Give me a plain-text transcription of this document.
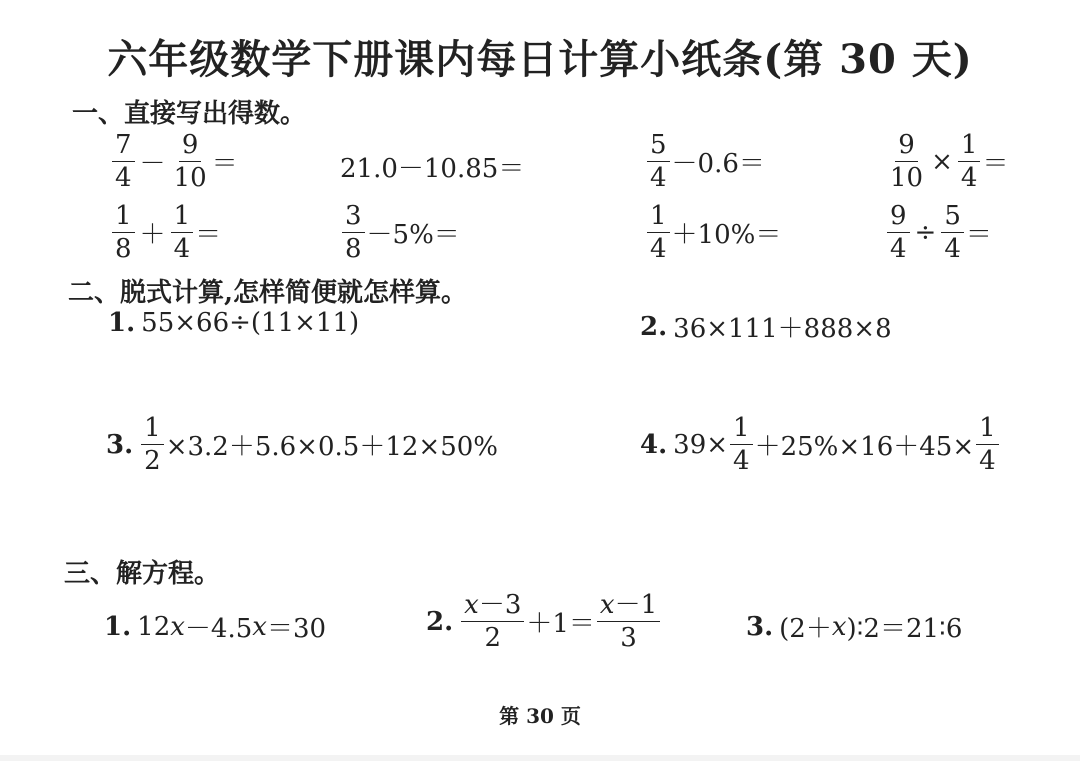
六年级数学下册课内每日计算小纸条(第 30 天)
一、直接写出得数。
$\frac{7}{4} - \frac{9}{10}$ ＝	21.0－10.85＝	$\frac{5}{4} -0.6=$	$\frac{9}{10} \times \frac{1}{4}$ ＝
$\frac{1}{8} + \frac{1}{4}$ ＝	$\frac{3}{8} -5\%=$	$\frac{1}{4} +10\%=$	$\frac{9}{4} \div \frac{5}{4}$ ＝
二、脱式计算,怎样简便就怎样算。
1. 55×66÷(11×11)	2. 36×111＋888×8
3. $\frac{1}{2} \times 3.2+5.6\times 0.5+12\times 50\%$	4. $39\times \frac{1}{4} +25\%\times 16+45\times \frac{1}{4}$
三、解方程。
1. 12 x －4.5 x ＝30	2. $\frac{x-3}{2} +1= \frac{x-1}{3}$	3. (2＋ x )∶2＝21∶6
第 30 页
